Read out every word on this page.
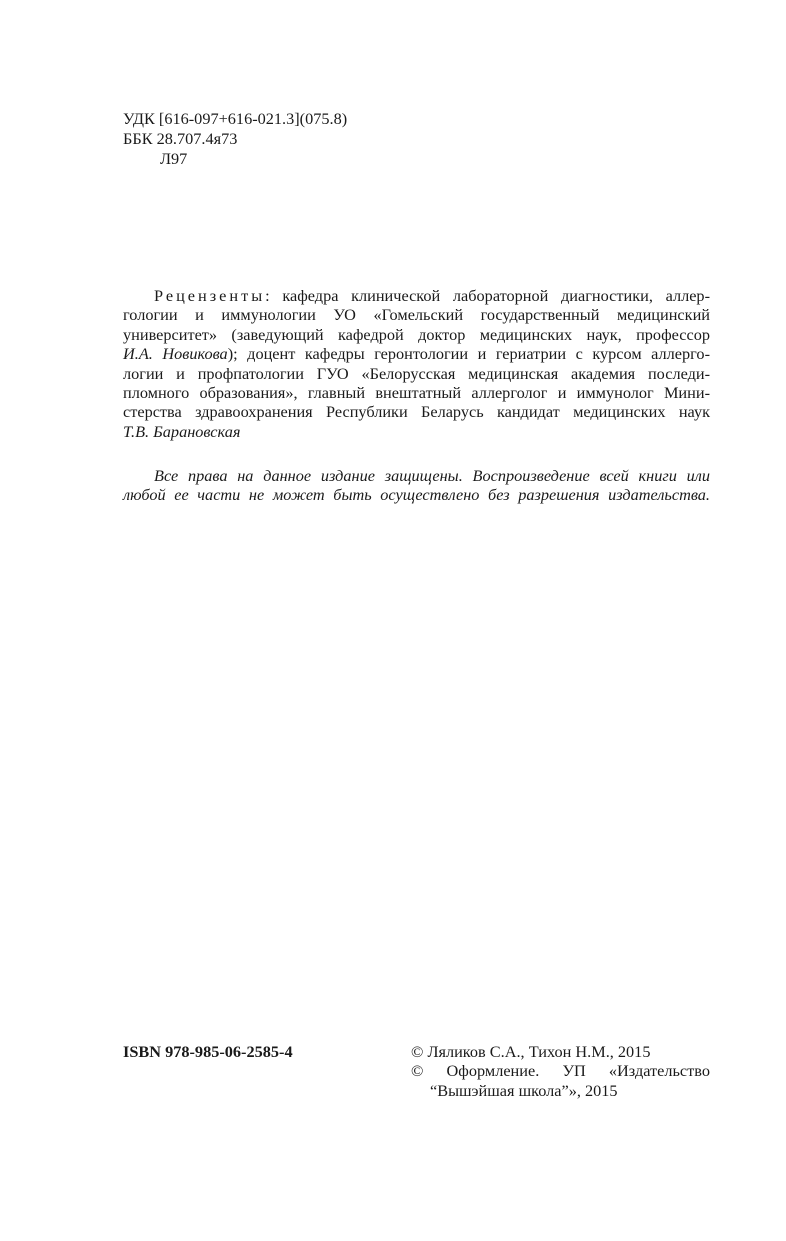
УДК [616-097+616-021.3](075.8)
ББК 28.707.4я73
Л97
Рецензенты: кафедра клинической лабораторной диагностики, аллер-
гологии и иммунологии УО «Гомельский государственный медицинский
университет» (заведующий кафедрой доктор медицинских наук, профессор
И.А. Новикова); доцент кафедры геронтологии и гериатрии с курсом аллерго-
логии и профпатологии ГУО «Белорусская медицинская академия последи-
пломного образования», главный внештатный аллерголог и иммунолог Мини-
стерства здравоохранения Республики Беларусь кандидат медицинских наук
Т.В. Барановская
Все права на данное издание защищены. Воспроизведение всей книги или
любой ее части не может быть осуществлено без разрешения издательства.
ISBN 978-985-06-2585-4	© Ляликов С.А., Тихон Н.М., 2015
© Оформление. УП «Издательство
“Вышэйшая школа”», 2015
